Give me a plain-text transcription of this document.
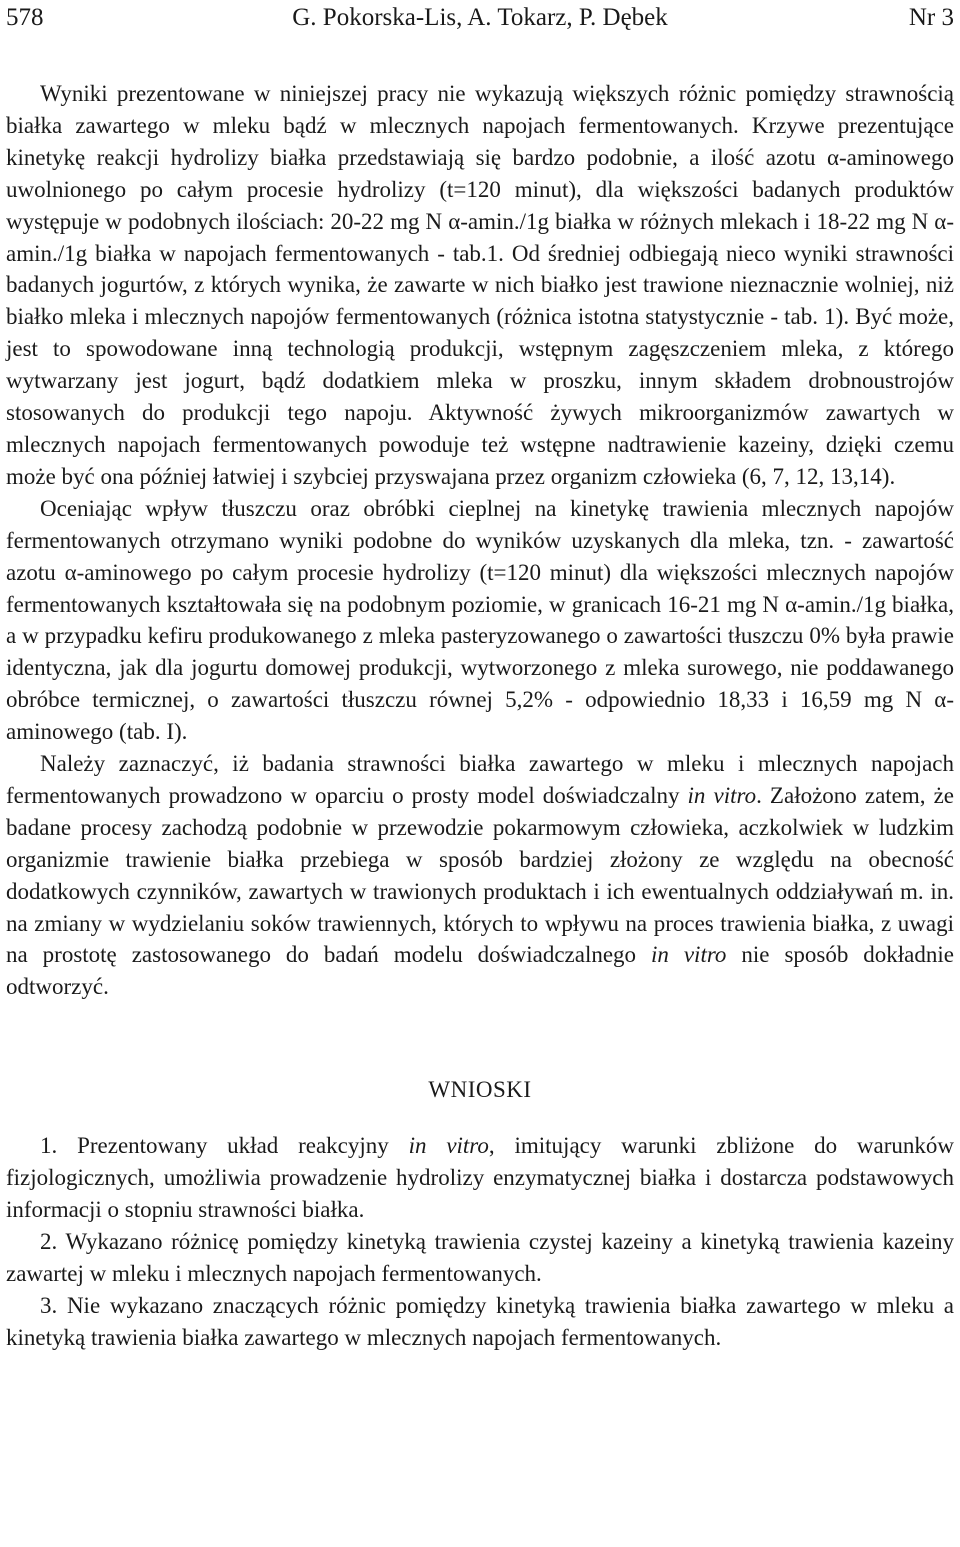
578	G. Pokorska-Lis, A. Tokarz, P. Dębek	Nr 3

Wyniki prezentowane w niniejszej pracy nie wykazują większych różnic pomiędzy strawnością białka zawartego w mleku bądź w mlecznych napojach fermentowanych. Krzywe prezentujące kinetykę reakcji hydrolizy białka przedstawiają się bardzo podobnie, a ilość azotu α-aminowego uwolnionego po całym procesie hydrolizy (t=120 minut), dla większości badanych produktów występuje w podobnych ilościach: 20-22 mg N α-amin./1g białka w różnych mlekach i 18-22 mg N α-amin./1g białka w napojach fermentowanych - tab.1. Od średniej odbiegają nieco wyniki strawności badanych jogurtów, z których wynika, że zawarte w nich białko jest trawione nieznacznie wolniej, niż białko mleka i mlecznych napojów fermentowanych (różnica istotna statystycznie - tab. 1). Być może, jest to spowodowane inną technologią produkcji, wstępnym zagęszczeniem mleka, z którego wytwarzany jest jogurt, bądź dodatkiem mleka w proszku, innym składem drobnoustrojów stosowanych do produkcji tego napoju. Aktywność żywych mikroorganizmów zawartych w mlecznych napojach fermentowanych powoduje też wstępne nadtrawienie kazeiny, dzięki czemu może być ona później łatwiej i szybciej przyswajana przez organizm człowieka (6, 7, 12, 13,14).

Oceniając wpływ tłuszczu oraz obróbki cieplnej na kinetykę trawienia mlecznych napojów fermentowanych otrzymano wyniki podobne do wyników uzyskanych dla mleka, tzn. - zawartość azotu α-aminowego po całym procesie hydrolizy (t=120 minut) dla większości mlecznych napojów fermentowanych kształtowała się na podobnym poziomie, w granicach 16-21 mg N α-amin./1g białka, a w przypadku kefiru produkowanego z mleka pasteryzowanego o zawartości tłuszczu 0% była prawie identyczna, jak dla jogurtu domowej produkcji, wytworzonego z mleka surowego, nie poddawanego obróbce termicznej, o zawartości tłuszczu równej 5,2% - odpowiednio 18,33 i 16,59 mg N α-aminowego (tab. I).

Należy zaznaczyć, iż badania strawności białka zawartego w mleku i mlecznych napojach fermentowanych prowadzono w oparciu o prosty model doświadczalny in vitro. Założono zatem, że badane procesy zachodzą podobnie w przewodzie pokarmowym człowieka, aczkolwiek w ludzkim organizmie trawienie białka przebiega w sposób bardziej złożony ze względu na obecność dodatkowych czynników, zawartych w trawionych produktach i ich ewentualnych oddziaływań m. in. na zmiany w wydzielaniu soków trawiennych, których to wpływu na proces trawienia białka, z uwagi na prostotę zastosowanego do badań modelu doświadczalnego in vitro nie sposób dokładnie odtworzyć.

WNIOSKI

1. Prezentowany układ reakcyjny in vitro, imitujący warunki zbliżone do warunków fizjologicznych, umożliwia prowadzenie hydrolizy enzymatycznej białka i dostarcza podstawowych informacji o stopniu strawności białka.

2. Wykazano różnicę pomiędzy kinetyką trawienia czystej kazeiny a kinetyką trawienia kazeiny zawartej w mleku i mlecznych napojach fermentowanych.

3. Nie wykazano znaczących różnic pomiędzy kinetyką trawienia białka zawartego w mleku a kinetyką trawienia białka zawartego w mlecznych napojach fermentowanych.
